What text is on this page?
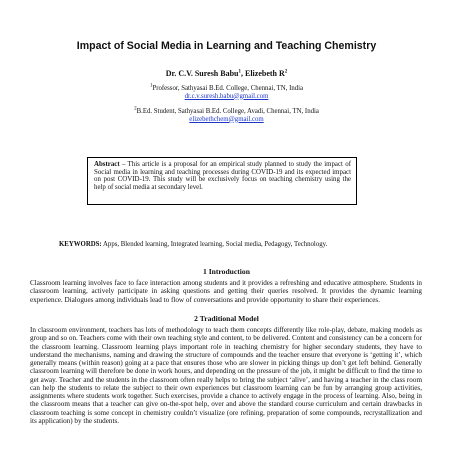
Impact of Social Media in Learning and Teaching Chemistry
Dr. C.V. Suresh Babu$^1$, Elizebeth $R^2$
$^1$Professor, Sathyasai B.Ed. College, Chennai, TN, India
dr.c.v.suresh.babu@gmail.com
$^2$B.Ed. Student, Sathyasai B.Ed. College, Avadi, Chennai, TN, India
elizebethchem@gmail.com
Abstract – This article is a proposal for an empirical study planned to study the impact of Social media in learning and teaching processes during COVID-19 and its expected impact on post COVID-19. This study will be exclusively focus on teaching chemistry using the help of social media at secondary level.
KEYWORDS: Apps, Blended learning, Integrated learning, Social media, Pedagogy, Technology.
1 Introduction
Classroom learning involves face to face interaction among students and it provides a refreshing and educative atmosphere. Students in classroom learning, actively participate in asking questions and getting their queries resolved. It provides the dynamic learning experience. Dialogues among individuals lead to flow of conversations and provide opportunity to share their experiences.
2 Traditional Model
In classroom environment, teachers has lots of methodology to teach them concepts differently like role-play, debate, making models as group and so on. Teachers come with their own teaching style and content, to be delivered. Content and consistency can be a concern for the classroom learning. Classroom learning plays important role in teaching chemistry for higher secondary students, they have to understand the mechanisms, naming and drawing the structure of compounds and the teacher ensure that everyone is ‘getting it’, which generally means (within reason) going at a pace that ensures those who are slower in picking things up don’t get left behind. Generally classroom learning will therefore be done in work hours, and depending on the pressure of the job, it might be difficult to find the time to get away. Teacher and the students in the classroom often really helps to bring the subject ‘alive’, and having a teacher in the class room can help the students to relate the subject to their own experiences but classroom learning can be fun by arranging group activities, assignments where students work together. Such exercises, provide a chance to actively engage in the process of learning. Also, being in the classroom means that a teacher can give on-the-spot help, over and above the standard course curriculum and certain drawbacks in classroom teaching is some concept in chemistry couldn’t visualize (ore refining, preparation of some compounds, recrystallization and its application) by the students.
